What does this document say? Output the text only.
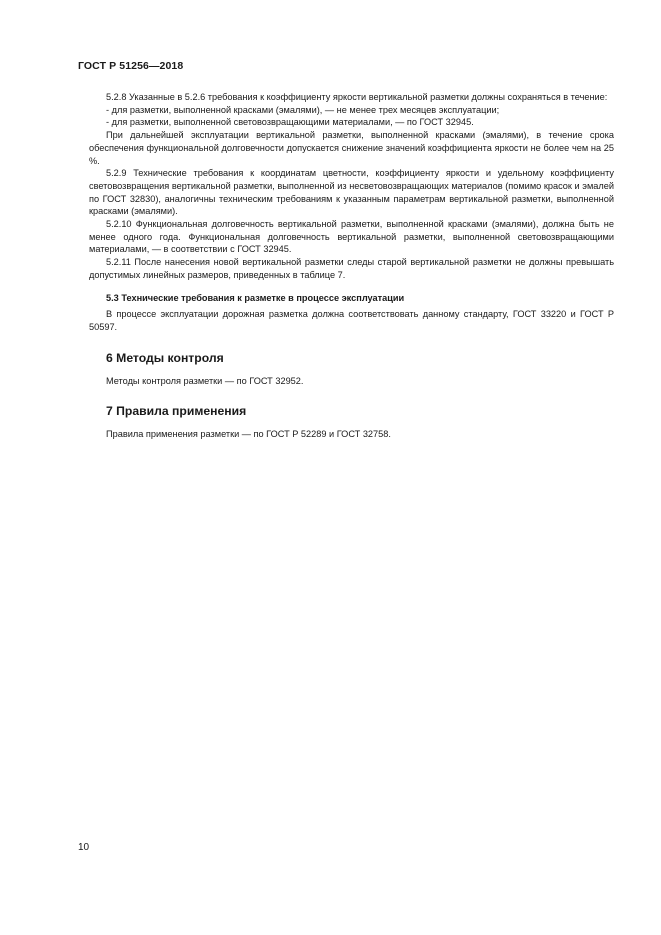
ГОСТ Р 51256—2018

5.2.8 Указанные в 5.2.6 требования к коэффициенту яркости вертикальной разметки должны сохраняться в течение:

- для разметки, выполненной красками (эмалями), — не менее трех месяцев эксплуатации;

- для разметки, выполненной световозвращающими материалами, — по ГОСТ 32945.

При дальнейшей эксплуатации вертикальной разметки, выполненной красками (эмалями), в течение срока обеспечения функциональной долговечности допускается снижение значений коэффициента яркости не более чем на 25 %.

5.2.9 Технические требования к координатам цветности, коэффициенту яркости и удельному коэффициенту световозвращения вертикальной разметки, выполненной из несветовозвращающих материалов (помимо красок и эмалей по ГОСТ 32830), аналогичны техническим требованиям к указанным параметрам вертикальной разметки, выполненной красками (эмалями).

5.2.10 Функциональная долговечность вертикальной разметки, выполненной красками (эмалями), должна быть не менее одного года. Функциональная долговечность вертикальной разметки, выполненной световозвращающими материалами, — в соответствии с ГОСТ 32945.

5.2.11 После нанесения новой вертикальной разметки следы старой вертикальной разметки не должны превышать допустимых линейных размеров, приведенных в таблице 7.

5.3 Технические требования к разметке в процессе эксплуатации

В процессе эксплуатации дорожная разметка должна соответствовать данному стандарту, ГОСТ 33220 и ГОСТ Р 50597.

6 Методы контроля

Методы контроля разметки — по ГОСТ 32952.

7 Правила применения

Правила применения разметки — по ГОСТ Р 52289 и ГОСТ 32758.

10
